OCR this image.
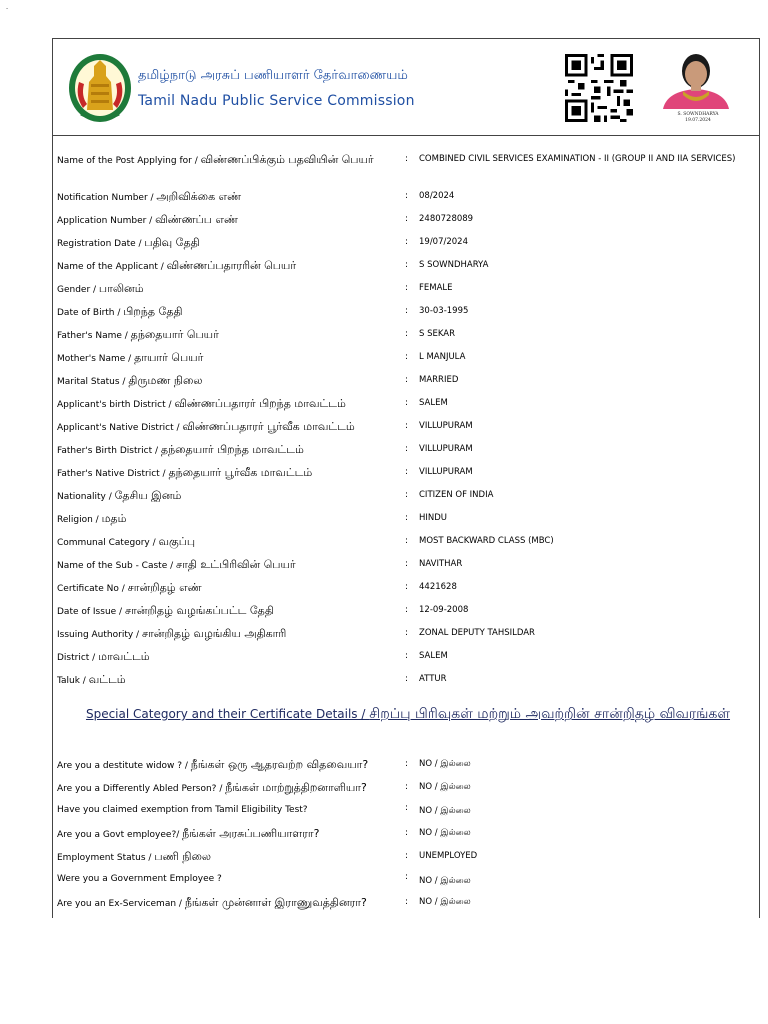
-
தமிழ்நாடு அரசுப் பணியாளர் தேர்வாணையம்
Tamil Nadu Public Service Commission
S. SOWNDHARYA
19.07.2024
Name of the Post Applying for / விண்ணப்பிக்கும் பதவியின் பெயர்	: COMBINED CIVIL SERVICES EXAMINATION - II (GROUP II AND IIA SERVICES)
Notification Number / அறிவிக்கை எண்	: 08/2024
Application Number / விண்ணப்ப எண்	: 2480728089
Registration Date / பதிவு தேதி	: 19/07/2024
Name of the Applicant / விண்ணப்பதாரரின் பெயர்	: S SOWNDHARYA
Gender / பாலினம்	: FEMALE
Date of Birth / பிறந்த தேதி	: 30-03-1995
Father's Name / தந்தையார் பெயர்	: S SEKAR
Mother's Name / தாயார் பெயர்	: L MANJULA
Marital Status / திருமண நிலை	: MARRIED
Applicant's birth District / விண்ணப்பதாரர் பிறந்த மாவட்டம்	: SALEM
Applicant's Native District / விண்ணப்பதாரர் பூர்வீக மாவட்டம்	: VILLUPURAM
Father's Birth District / தந்தையார் பிறந்த மாவட்டம்	: VILLUPURAM
Father's Native District / தந்தையார் பூர்வீக மாவட்டம்	: VILLUPURAM
Nationality / தேசிய இனம்	: CITIZEN OF INDIA
Religion / மதம்	: HINDU
Communal Category / வகுப்பு	: MOST BACKWARD CLASS (MBC)
Name of the Sub - Caste / சாதி உட்பிரிவின் பெயர்	: NAVITHAR
Certificate No / சான்றிதழ் எண்	: 4421628
Date of Issue / சான்றிதழ் வழங்கப்பட்ட தேதி	: 12-09-2008
Issuing Authority / சான்றிதழ் வழங்கிய அதிகாரி	: ZONAL DEPUTY TAHSILDAR
District / மாவட்டம்	: SALEM
Taluk / வட்டம்	: ATTUR
Special Category and their Certificate Details / சிறப்பு பிரிவுகள் மற்றும் அவற்றின் சான்றிதழ் விவரங்கள்
Are you a destitute widow ? / நீங்கள் ஒரு ஆதரவற்ற விதவையா?	: NO / இல்லை
Are you a Differently Abled Person? / நீங்கள் மாற்றுத்திறனாளியா?	: NO / இல்லை
Have you claimed exemption from Tamil Eligibility Test?	: NO / இல்லை
Are you a Govt employee?/ நீங்கள் அரசுப்பணியாளரா?	: NO / இல்லை
Employment Status / பணி நிலை	: UNEMPLOYED
Were you a Government Employee ?	: NO / இல்லை
Are you an Ex-Serviceman / நீங்கள் முன்னாள் இராணுவத்தினரா?	: NO / இல்லை
